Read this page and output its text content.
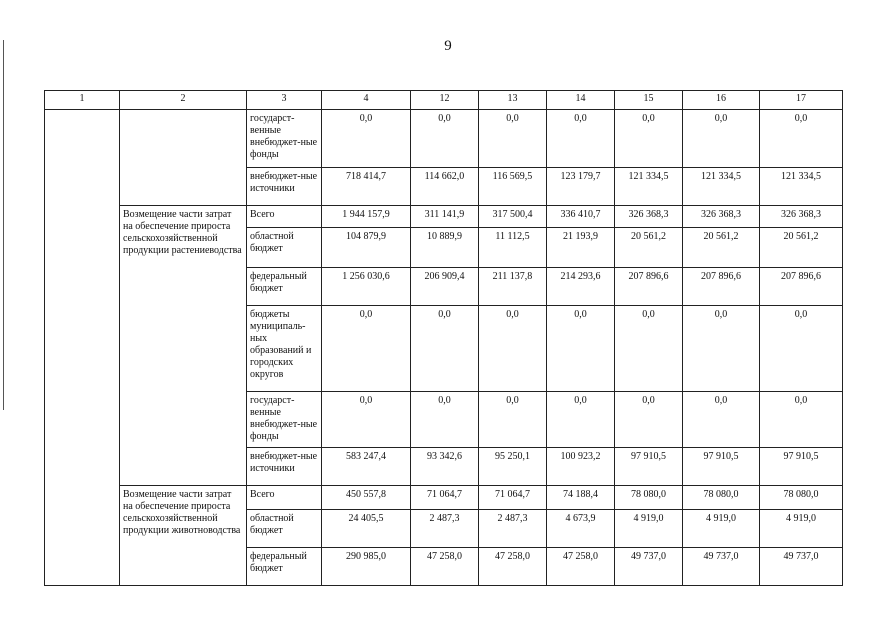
9
1	2	3	4	12	13	14	15	16	17
		государст-венные внебюджет-ные фонды	0,0	0,0	0,0	0,0	0,0	0,0	0,0
		внебюджет-ные источники	718 414,7	114 662,0	116 569,5	123 179,7	121 334,5	121 334,5	121 334,5
	Возмещение части затрат на обеспечение прироста сельскохозяйственной продукции растениеводства	Всего	1 944 157,9	311 141,9	317 500,4	336 410,7	326 368,3	326 368,3	326 368,3
		областной бюджет	104 879,9	10 889,9	11 112,5	21 193,9	20 561,2	20 561,2	20 561,2
		федеральный бюджет	1 256 030,6	206 909,4	211 137,8	214 293,6	207 896,6	207 896,6	207 896,6
		бюджеты муниципаль-ных образований и городских округов	0,0	0,0	0,0	0,0	0,0	0,0	0,0
		государст-венные внебюджет-ные фонды	0,0	0,0	0,0	0,0	0,0	0,0	0,0
		внебюджет-ные источники	583 247,4	93 342,6	95 250,1	100 923,2	97 910,5	97 910,5	97 910,5
	Возмещение части затрат на обеспечение прироста сельскохозяйственной продукции животноводства	Всего	450 557,8	71 064,7	71 064,7	74 188,4	78 080,0	78 080,0	78 080,0
		областной бюджет	24 405,5	2 487,3	2 487,3	4 673,9	4 919,0	4 919,0	4 919,0
		федеральный бюджет	290 985,0	47 258,0	47 258,0	47 258,0	49 737,0	49 737,0	49 737,0
